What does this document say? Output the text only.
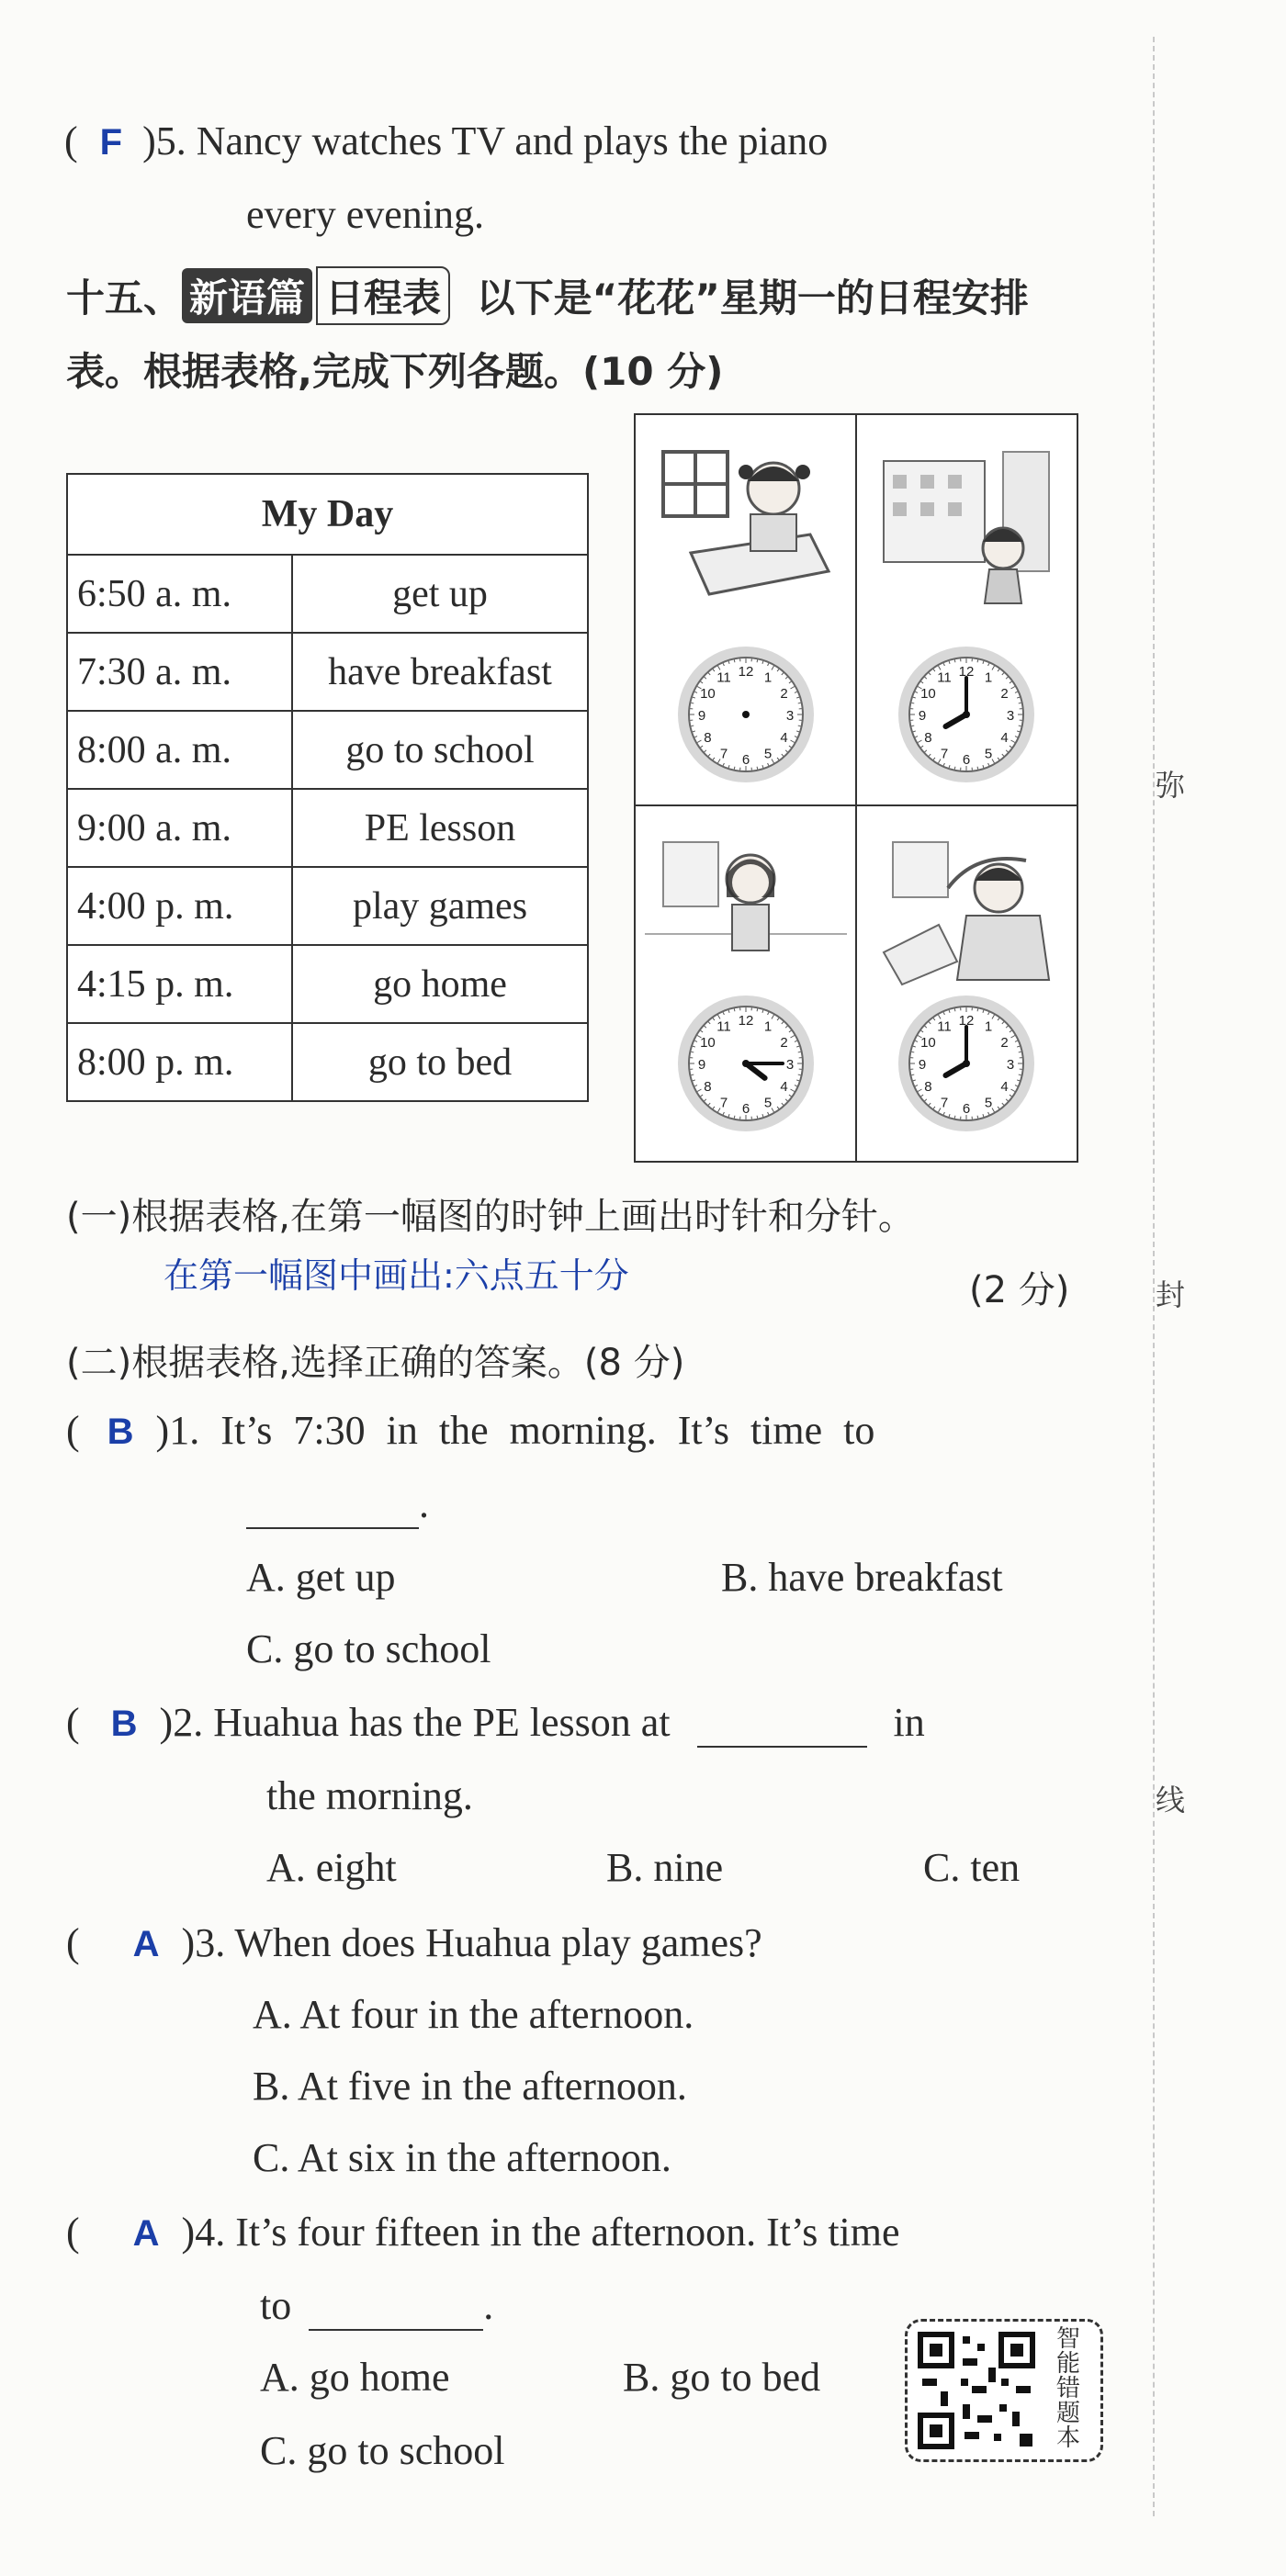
弥
封
线
( F )5. Nancy watches TV and plays the piano
every evening.
十五、 新语篇 日程表 以下是“花花”星期一的日程安排
表。根据表格,完成下列各题。(10 分)
My Day	
6:50 a. m.	get up
7:30 a. m.	have breakfast
8:00 a. m.	go to school
9:00 a. m.	PE lesson
4:00 p. m.	play games
4:15 p. m.	go home
8:00 p. m.	go to bed
1
2
3
4
5
6
7
8
9
10
11 12	1
2
3
4
5
6
7
8
9
10
11 12
1
2
3
4
5
6
7
8
9
10
11 12	1
2
3
4
5
6
7
8
9
10
11 12
(一)根据表格,在第一幅图的时钟上画出时针和分针。
在第一幅图中画出:六点五十分	(2 分)
(二)根据表格,选择正确的答案。(8 分)
( B )1. It’s 7:30 in the morning. It’s time to
.
A. get up	B. have breakfast
C. go to school
( B )2. Huahua has the PE lesson at	in
the morning.
A. eight	B. nine	C. ten
( A )3. When does Huahua play games?
A. At four in the afternoon.
B. At five in the afternoon.
C. At six in the afternoon.
( A )4. It’s four fifteen in the afternoon. It’s time
to	.
A. go home	B. go to bed
C. go to school
智能错题本
